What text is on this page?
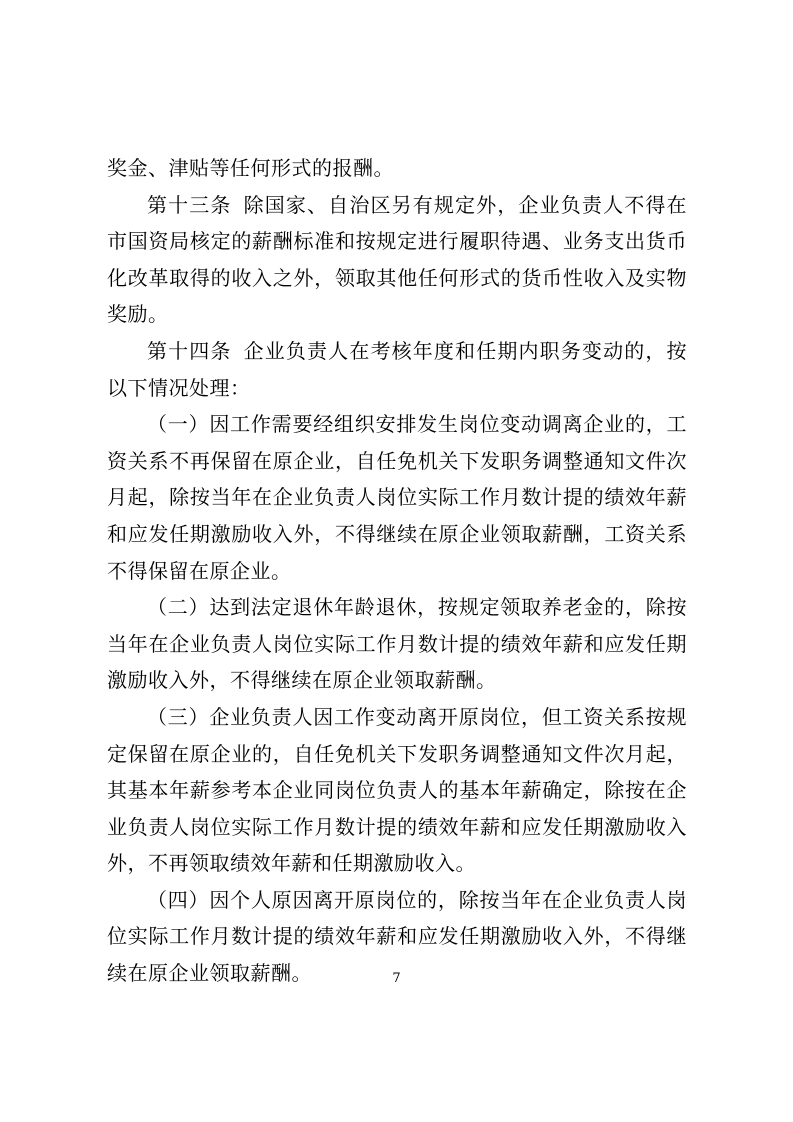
奖金、津贴等任何形式的报酬。

第十三条 除国家、自治区另有规定外，企业负责人不得在市国资局核定的薪酬标准和按规定进行履职待遇、业务支出货币化改革取得的收入之外，领取其他任何形式的货币性收入及实物奖励。

第十四条 企业负责人在考核年度和任期内职务变动的，按以下情况处理：

（一）因工作需要经组织安排发生岗位变动调离企业的，工资关系不再保留在原企业，自任免机关下发职务调整通知文件次月起，除按当年在企业负责人岗位实际工作月数计提的绩效年薪和应发任期激励收入外，不得继续在原企业领取薪酬，工资关系不得保留在原企业。

（二）达到法定退休年龄退休，按规定领取养老金的，除按当年在企业负责人岗位实际工作月数计提的绩效年薪和应发任期激励收入外，不得继续在原企业领取薪酬。

（三）企业负责人因工作变动离开原岗位，但工资关系按规定保留在原企业的，自任免机关下发职务调整通知文件次月起， 其基本年薪参考本企业同岗位负责人的基本年薪确定，除按在企业负责人岗位实际工作月数计提的绩效年薪和应发任期激励收入外，不再领取绩效年薪和任期激励收入。

（四）因个人原因离开原岗位的，除按当年在企业负责人岗位实际工作月数计提的绩效年薪和应发任期激励收入外，不得继续在原企业领取薪酬。	7
